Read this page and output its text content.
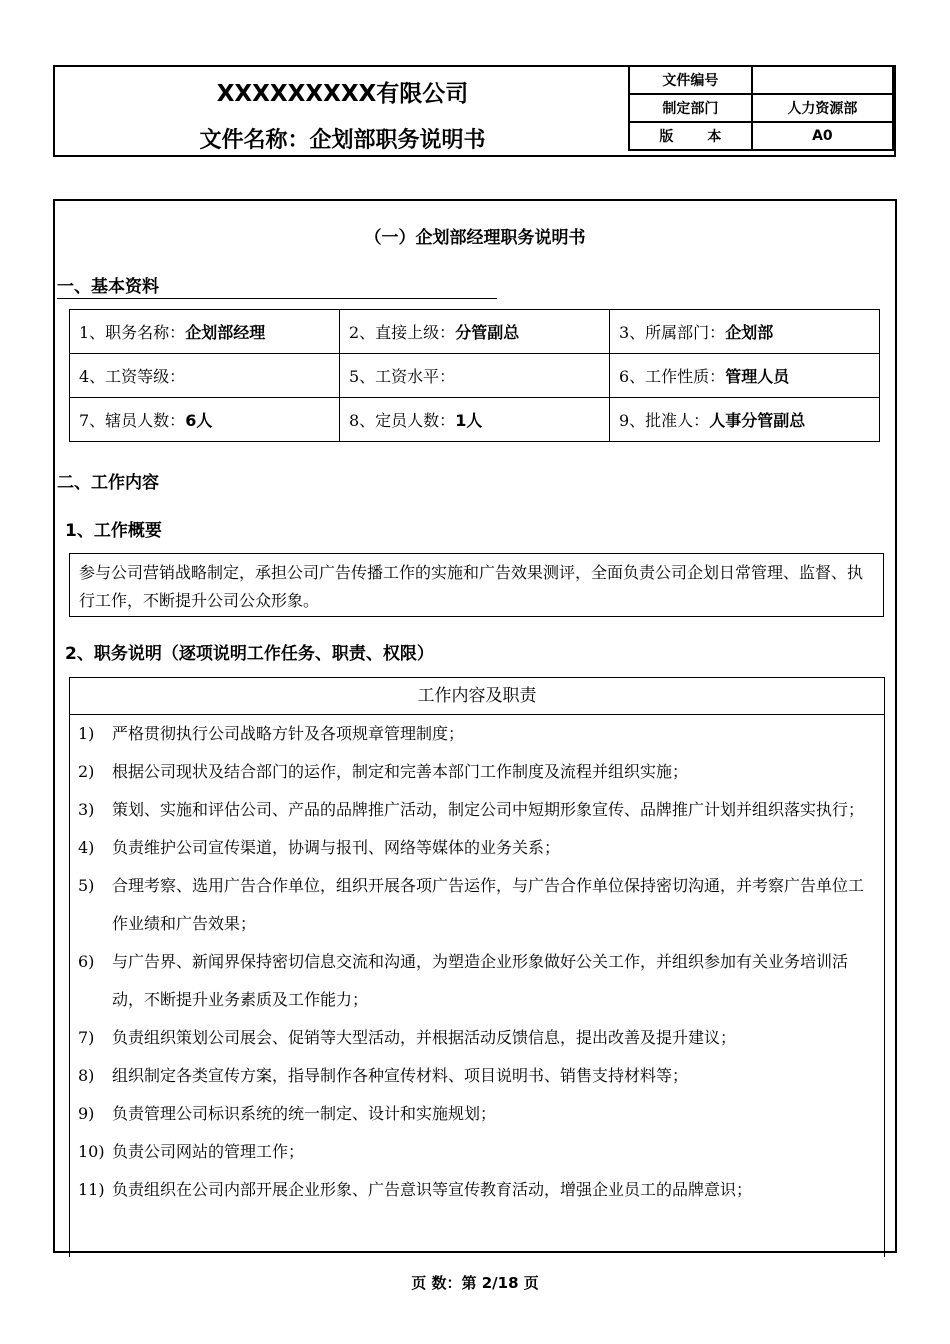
XXXXXXXXX有限公司
文件名称：企划部职务说明书
文件编号	
制定部门	人力资源部
版 本	A0
（一）企划部经理职务说明书
一、基本资料
1、职务名称：企划部经理	2、直接上级：分管副总	3、所属部门：企划部
4、工资等级：	5、工资水平：	6、工作性质：管理人员
7、辖员人数：6人	8、定员人数：1人	9、批准人：人事分管副总
二、工作内容
1、工作概要
参与公司营销战略制定，承担公司广告传播工作的实施和广告效果测评，全面负责公司企划日常管理、监督、执行工作，不断提升公司公众形象。
2、职务说明（逐项说明工作任务、职责、权限）
工作内容及职责
1)	严格贯彻执行公司战略方针及各项规章管理制度；
2)	根据公司现状及结合部门的运作，制定和完善本部门工作制度及流程并组织实施；
3)	策划、实施和评估公司、产品的品牌推广活动，制定公司中短期形象宣传、品牌推广计划并组织落实执行；
4)	负责维护公司宣传渠道，协调与报刊、网络等媒体的业务关系；
5)	合理考察、选用广告合作单位，组织开展各项广告运作，与广告合作单位保持密切沟通，并考察广告单位工作业绩和广告效果；
6)	与广告界、新闻界保持密切信息交流和沟通，为塑造企业形象做好公关工作，并组织参加有关业务培训活动，不断提升业务素质及工作能力；
7)	负责组织策划公司展会、促销等大型活动，并根据活动反馈信息，提出改善及提升建议；
8)	组织制定各类宣传方案，指导制作各种宣传材料、项目说明书、销售支持材料等；
9)	负责管理公司标识系统的统一制定、设计和实施规划；
10) 负责公司网站的管理工作；
11) 负责组织在公司内部开展企业形象、广告意识等宣传教育活动，增强企业员工的品牌意识；
页 数：第 2/18 页
